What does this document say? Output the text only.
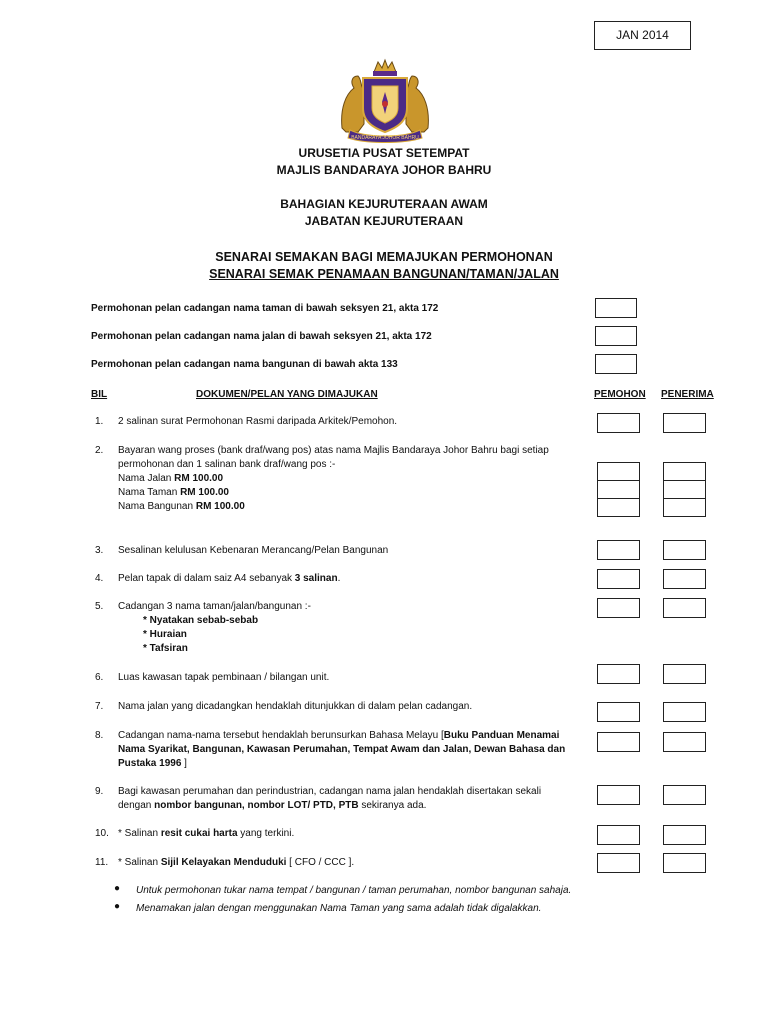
JAN 2014
BANDARAYA JOHOR BAHRU
URUSETIA PUSAT SETEMPAT
MAJLIS BANDARAYA JOHOR BAHRU
BAHAGIAN KEJURUTERAAN AWAM
JABATAN KEJURUTERAAN
SENARAI SEMAKAN BAGI MEMAJUKAN PERMOHONAN
SENARAI SEMAK PENAMAAN BANGUNAN/TAMAN/JALAN
Permohonan pelan cadangan nama taman di bawah seksyen 21, akta 172
Permohonan pelan cadangan nama jalan di bawah seksyen 21, akta 172
Permohonan pelan cadangan nama bangunan di bawah akta 133
BIL	DOKUMEN/PELAN YANG DIMAJUKAN	PEMOHON PENERIMA
1. 2 salinan surat Permohonan Rasmi daripada Arkitek/Pemohon.
2. Bayaran wang proses (bank draf/wang pos) atas nama Majlis Bandaraya Johor Bahru bagi setiap
permohonan dan 1 salinan bank draf/wang pos :-
Nama Jalan RM 100.00
Nama Taman RM 100.00
Nama Bangunan RM 100.00
3. Sesalinan kelulusan Kebenaran Merancang/Pelan Bangunan
4. Pelan tapak di dalam saiz A4 sebanyak 3 salinan.
5. Cadangan 3 nama taman/jalan/bangunan :-
* Nyatakan sebab-sebab
* Huraian
* Tafsiran
6. Luas kawasan tapak pembinaan / bilangan unit.
7. Nama jalan yang dicadangkan hendaklah ditunjukkan di dalam pelan cadangan.
8. Cadangan nama-nama tersebut hendaklah berunsurkan Bahasa Melayu [Buku Panduan Menamai
Nama Syarikat, Bangunan, Kawasan Perumahan, Tempat Awam dan Jalan, Dewan Bahasa dan
Pustaka 1996 ]
9. Bagi kawasan perumahan dan perindustrian, cadangan nama jalan hendaklah disertakan sekali
dengan nombor bangunan, nombor LOT/ PTD, PTB sekiranya ada.
10. * Salinan resit cukai harta yang terkini.
11. * Salinan Sijil Kelayakan Menduduki [ CFO / CCC ].
● Untuk permohonan tukar nama tempat / bangunan / taman perumahan, nombor bangunan sahaja.
● Menamakan jalan dengan menggunakan Nama Taman yang sama adalah tidak digalakkan.
